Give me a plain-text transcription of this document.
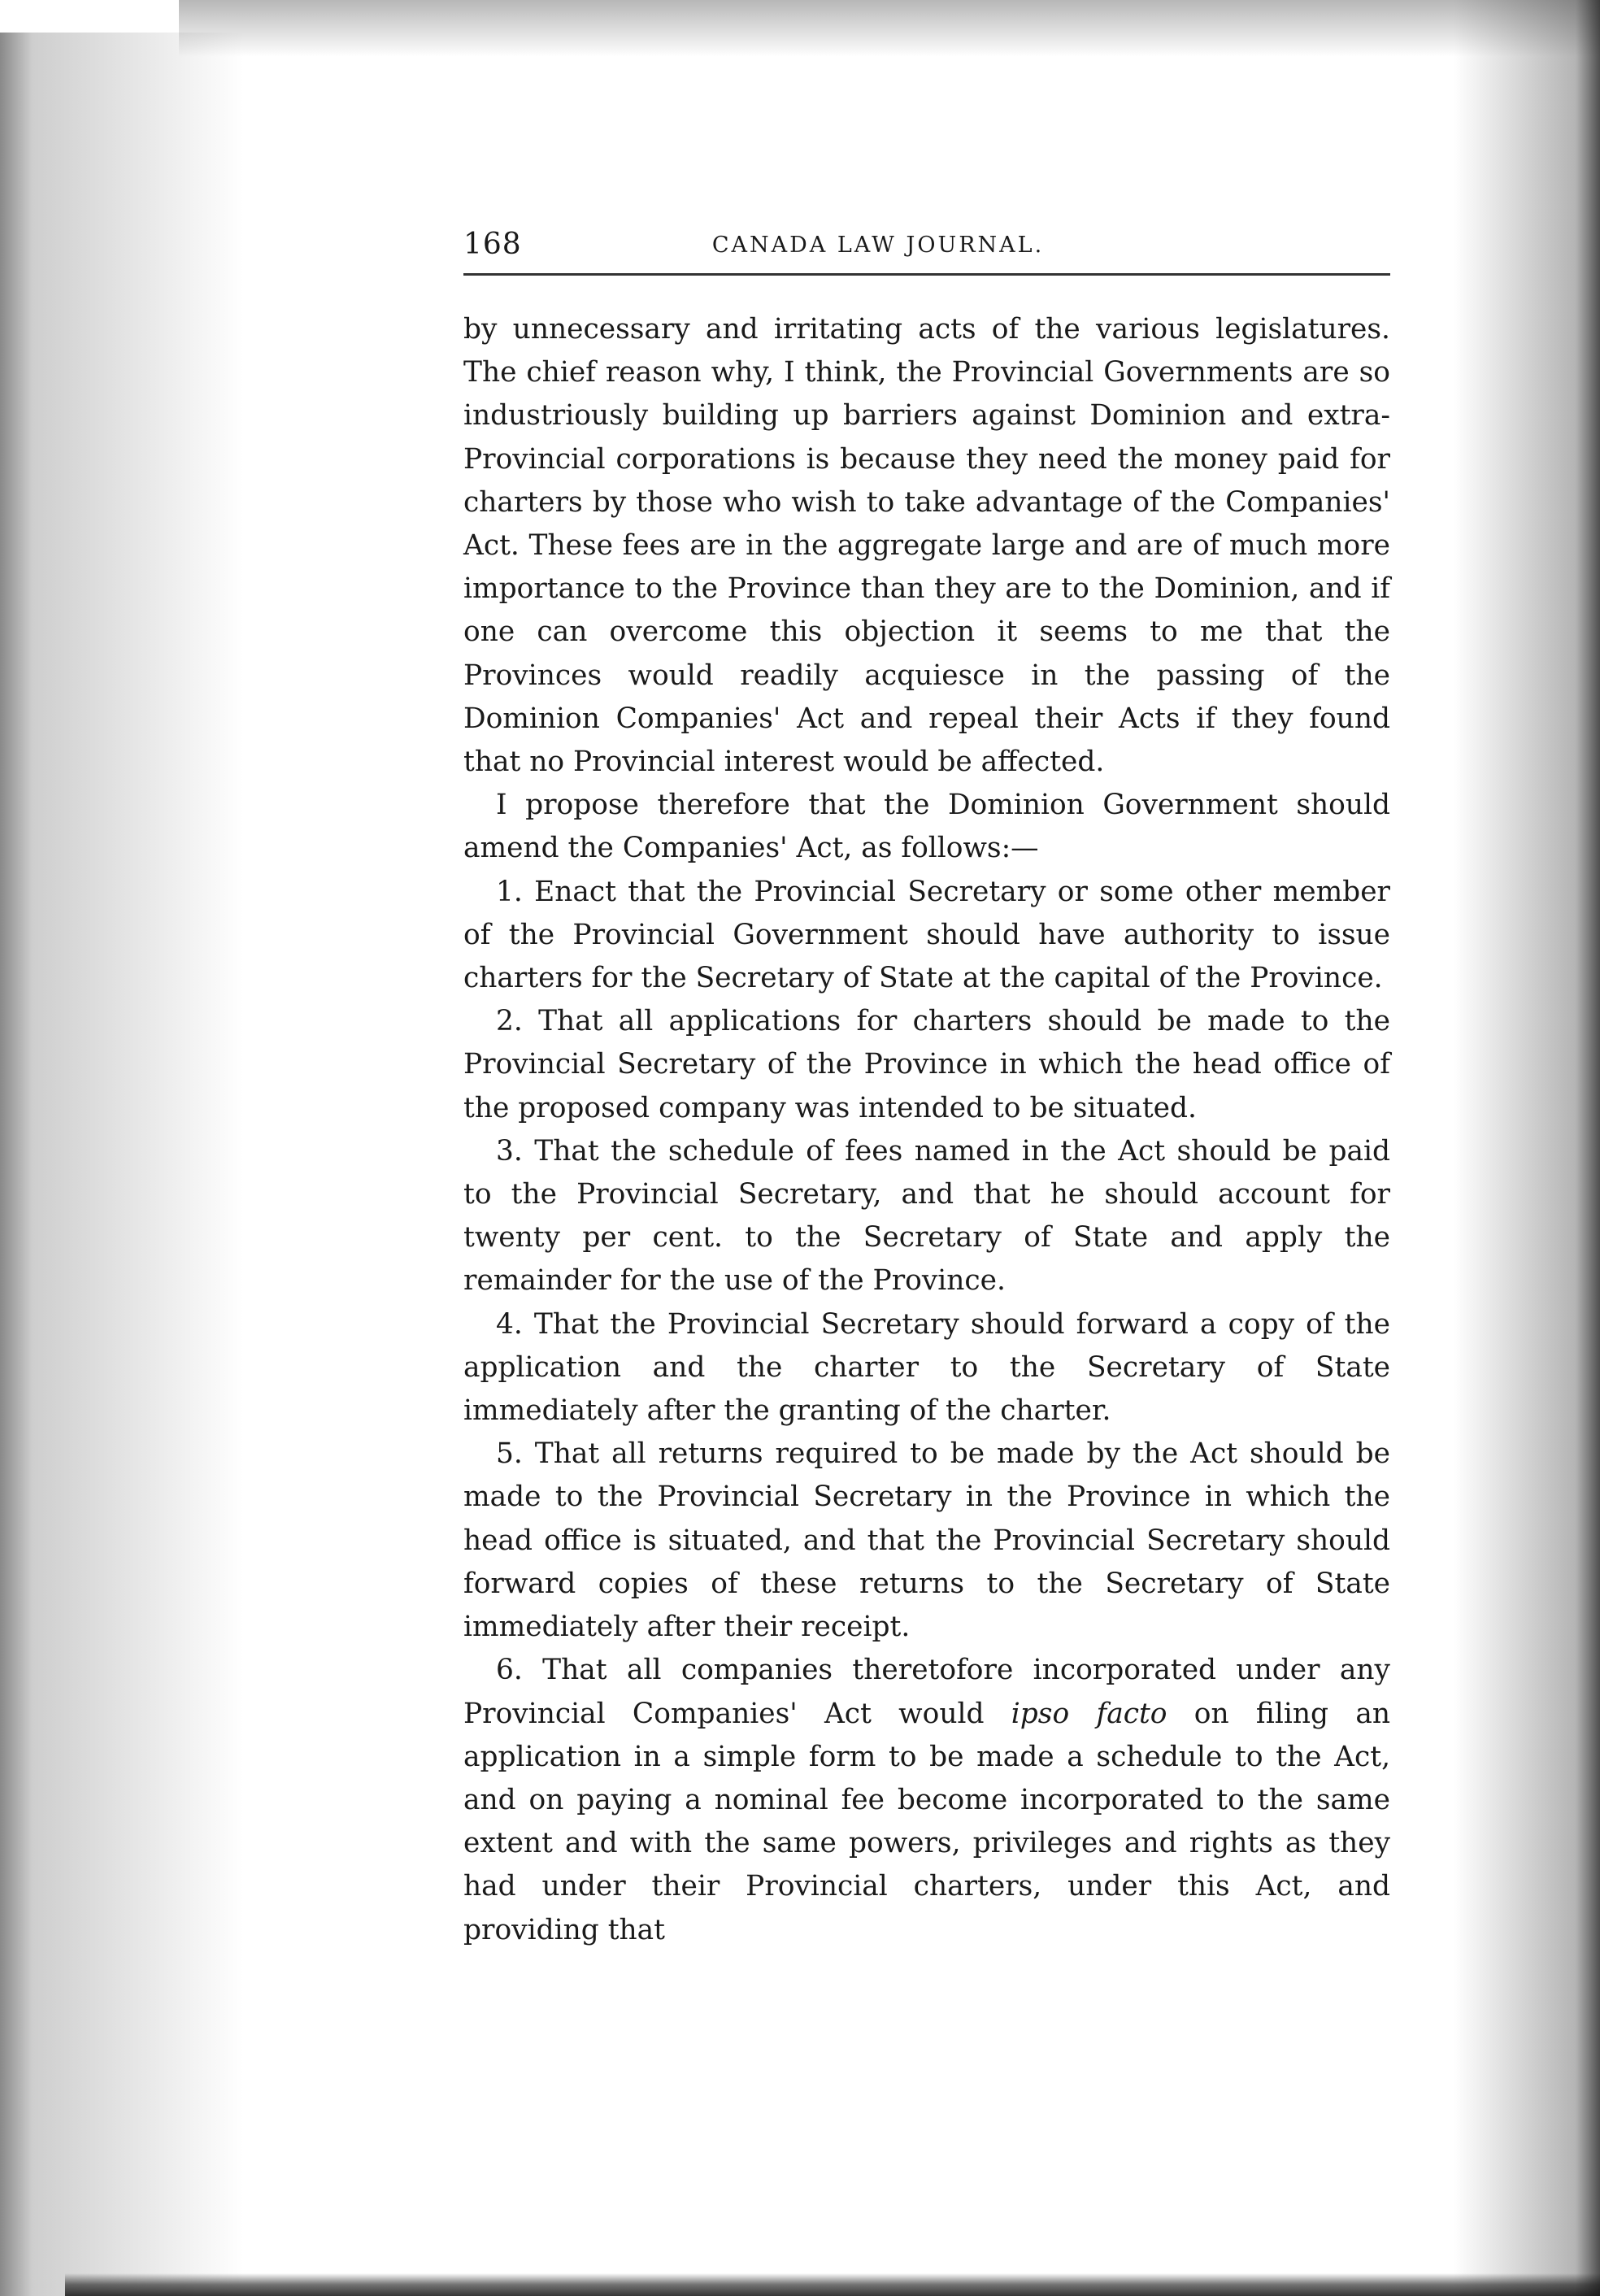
168	CANADA LAW JOURNAL.

by unnecessary and irritating acts of the various legislatures. The chief reason why, I think, the Provincial Governments are so industriously building up barriers against Dominion and extra-Provincial corporations is because they need the money paid for charters by those who wish to take advantage of the Companies' Act. These fees are in the aggregate large and are of much more importance to the Province than they are to the Dominion, and if one can overcome this objection it seems to me that the Provinces would readily acquiesce in the passing of the Dominion Companies' Act and repeal their Acts if they found that no Provincial interest would be affected.

I propose therefore that the Dominion Government should amend the Companies' Act, as follows:—

1. Enact that the Provincial Secretary or some other member of the Provincial Government should have authority to issue charters for the Secretary of State at the capital of the Province.

2. That all applications for charters should be made to the Provincial Secretary of the Province in which the head office of the proposed company was intended to be situated.

3. That the schedule of fees named in the Act should be paid to the Provincial Secretary, and that he should account for twenty per cent. to the Secretary of State and apply the remainder for the use of the Province.

4. That the Provincial Secretary should forward a copy of the application and the charter to the Secretary of State immediately after the granting of the charter.

5. That all returns required to be made by the Act should be made to the Provincial Secretary in the Province in which the head office is situated, and that the Provincial Secretary should forward copies of these returns to the Secretary of State immediately after their receipt.

6. That all companies theretofore incorporated under any Provincial Companies' Act would ipso facto on filing an application in a simple form to be made a schedule to the Act, and on paying a nominal fee become incorporated to the same extent and with the same powers, privileges and rights as they had under their Provincial charters, under this Act, and providing that
